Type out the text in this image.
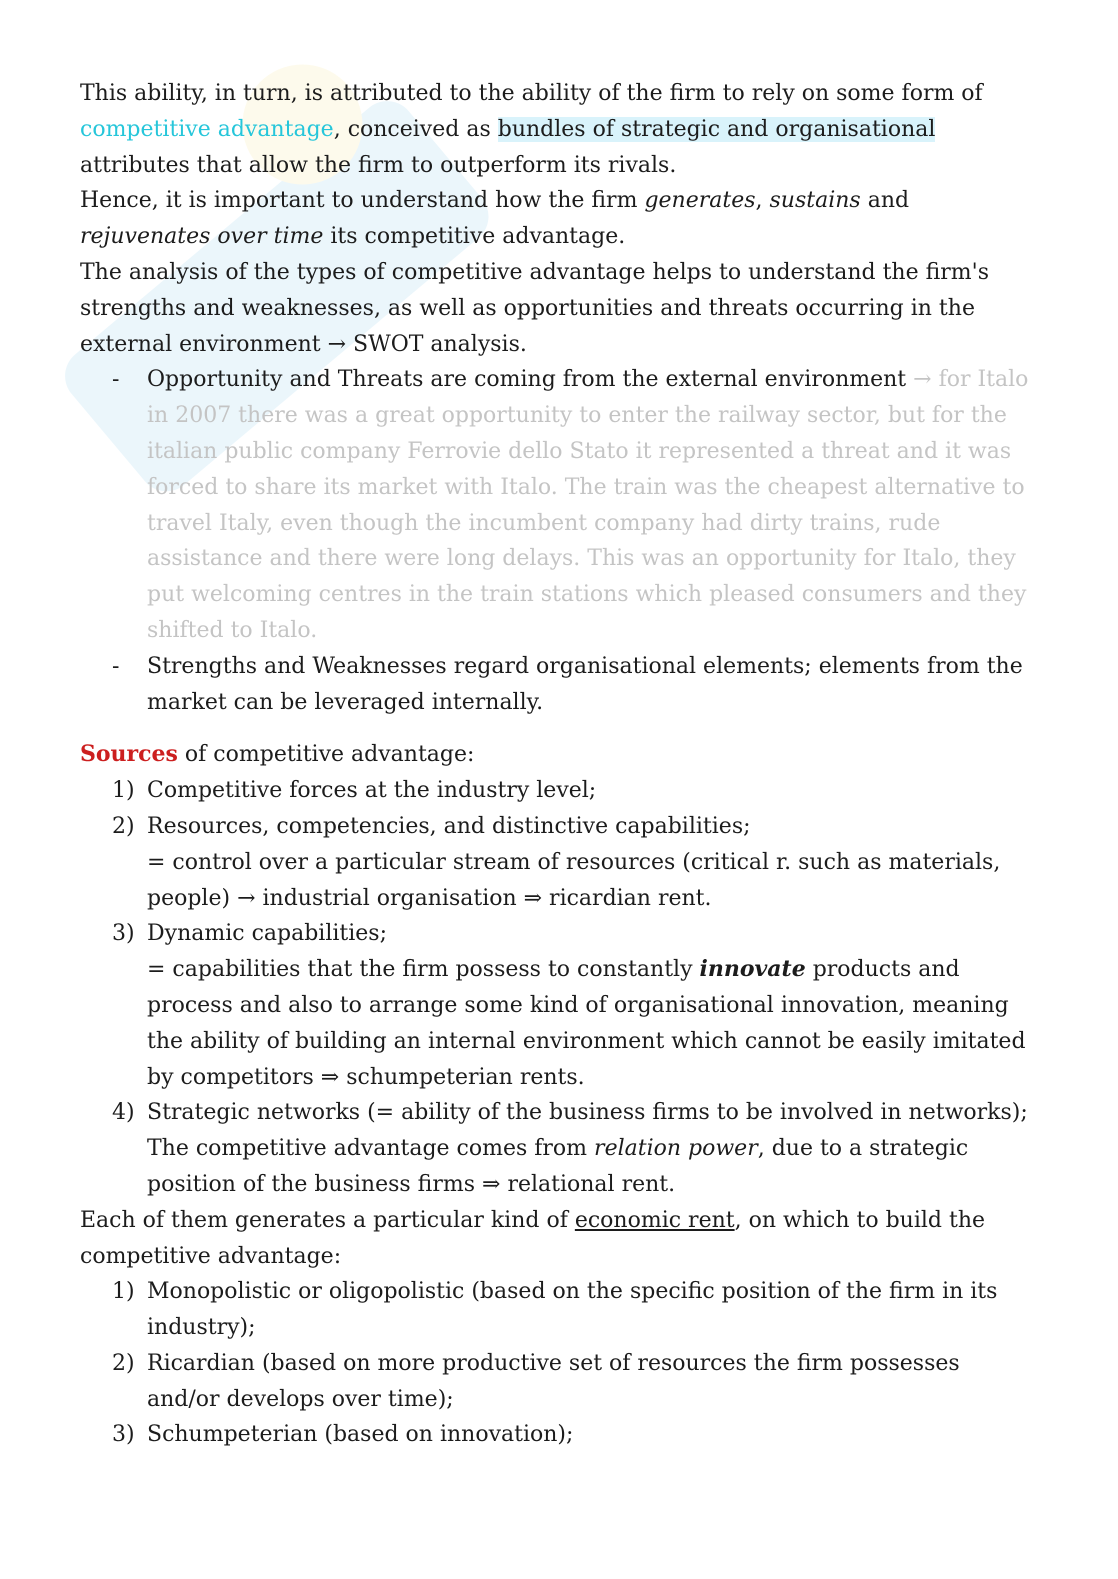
This ability, in turn, is attributed to the ability of the firm to rely on some form of competitive advantage, conceived as bundles of strategic and organisational attributes that allow the firm to outperform its rivals.

Hence, it is important to understand how the firm generates, sustains and rejuvenates over time its competitive advantage.

The analysis of the types of competitive advantage helps to understand the firm's strengths and weaknesses, as well as opportunities and threats occurring in the external environment → SWOT analysis.

- Opportunity and Threats are coming from the external environment → for Italo in 2007 there was a great opportunity to enter the railway sector, but for the italian public company Ferrovie dello Stato it represented a threat and it was forced to share its market with Italo. The train was the cheapest alternative to travel Italy, even though the incumbent company had dirty trains, rude assistance and there were long delays. This was an opportunity for Italo, they put welcoming centres in the train stations which pleased consumers and they shifted to Italo.
- Strengths and Weaknesses regard organisational elements; elements from the market can be leveraged internally.

Sources of competitive advantage:

1) Competitive forces at the industry level;
2) Resources, competencies, and distinctive capabilities;
= control over a particular stream of resources (critical r. such as materials, people) → industrial organisation ⇒ ricardian rent.
3) Dynamic capabilities;
= capabilities that the firm possess to constantly innovate products and process and also to arrange some kind of organisational innovation, meaning the ability of building an internal environment which cannot be easily imitated by competitors ⇒ schumpeterian rents.
4) Strategic networks (= ability of the business firms to be involved in networks);
The competitive advantage comes from relation power, due to a strategic position of the business firms ⇒ relational rent.

Each of them generates a particular kind of economic rent, on which to build the competitive advantage:

1) Monopolistic or oligopolistic (based on the specific position of the firm in its industry);
2) Ricardian (based on more productive set of resources the firm possesses and/or develops over time);
3) Schumpeterian (based on innovation);
